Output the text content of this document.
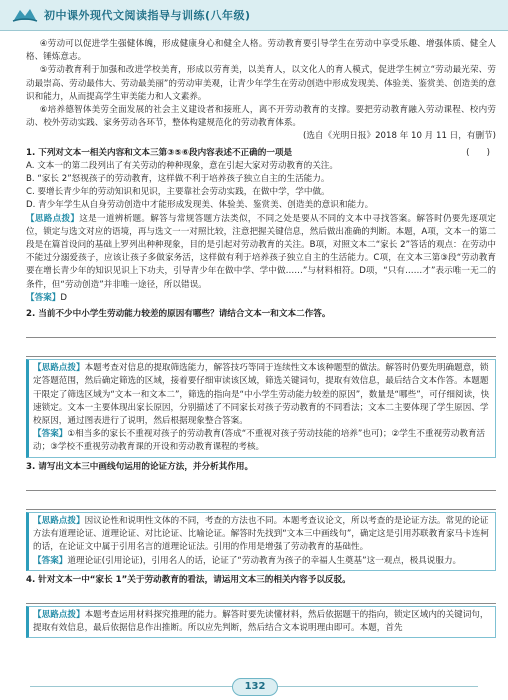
初中课外现代文阅读指导与训练(八年级)

④劳动可以促进学生强健体魄，形成健康身心和健全人格。劳动教育要引导学生在劳动中享受乐趣、增强体质、健全人格、锤炼意志。

⑤劳动教育利于加强和改进学校美育，形成以劳育美，以美育人，以文化人的育人模式，促进学生树立“劳动最光荣、劳动最崇高、劳动最伟大、劳动最美丽”的劳动审美观，让青少年学生在劳动创造中形成发现美、体验美、鉴赏美、创造美的意识和能力，从而提高学生审美能力和人文素养。

⑥培养德智体美劳全面发展的社会主义建设者和接班人，离不开劳动教育的支撑。要把劳动教育融入劳动课程、校内劳动、校外劳动实践、家务劳动各环节，整体构建规范化的劳动教育体系。

(选自《光明日报》2018 年 10 月 11 日，有删节)

1. 下列对文本一相关内容和文本三第③⑤⑥段内容表述不正确的一项是	(　　)

A. 文本一的第二段列出了有关劳动的种种现象，意在引起大家对劳动教育的关注。

B. “家长 2”怒视孩子的劳动教育，这样做不利于培养孩子独立自主的生活能力。

C. 要增长青少年的劳动知识和见识，主要靠社会劳动实践，在做中学，学中做。

D. 青少年学生从自身劳动创造中才能形成发现美、体验美、鉴赏美、创造美的意识和能力。

【思路点拨】这是一道辨析题。解答与常规答题方法类似，不同之处是要从不同的文本中寻找答案。解答时仍要先逐项定位，锁定与选文对应的语境，再与选文一一对照比较，注意把握关键信息，然后做出准确的判断。本题，A项，文本一的第二段是在篇首设问的基础上罗列出种种现象，目的是引起对劳动教育的关注。B项，对照文本二“家长 2”答话的观点：在劳动中不能过分溺爱孩子，应该让孩子多做家务活，这样做有利于培养孩子独立自主的生活能力。C项，在文本三第③段“劳动教育要在增长青少年的知识见识上下功夫，引导青少年在做中学、学中做……”与材料相符。D项，“只有……才”表示唯一无二的条件，但“劳动创造”并非唯一途径，所以错误。

【答案】D

2. 当前不少中小学生劳动能力较差的原因有哪些？请结合文本一和文本二作答。

【思路点拨】本题考查对信息的提取筛选能力，解答技巧等同于连续性文本该种题型的做法。解答时仍要先明确题意，锁定答题范围，然后确定筛选的区域，接着要仔细审读该区域，筛选关键词句，提取有效信息，最后结合文本作答。本题题干限定了筛选区域为“文本一和文本二”，筛选的指向是“中小学生劳动能力较差的原因”，数量是“哪些”，可仔细阅读，快速锁定。文本一主要体现出家长原因，分别描述了不同家长对孩子劳动教育的不同看法；文本二主要体现了学生原因、学校原因，通过图表进行了说明，然后根据现象整合答案。

【答案】①相当多的家长不重视对孩子的劳动教育(答成“不重视对孩子劳动技能的培养”也可)；②学生不重视劳动教育活动；③学校不重视劳动教育课的开设和劳动教育课程的考核。

3. 请写出文本三中画线句运用的论证方法，并分析其作用。

【思路点拨】因议论性和说明性文体的不同，考查的方法也不同。本题考查议论文，所以考查的是论证方法。常见的论证方法有道理论证、道理论证、对比论证、比喻论证。解答时先找到“文本三中画线句”，确定这是引用苏联教育家马卡连柯的话，在论证文中属于引用名言的道理论证法。引用的作用是增强了劳动教育的基础性。

【答案】道理论证(引用论证)，引用名人的话，论证了“劳动教育为孩子的幸福人生奠基”这一观点，极具说服力。

4. 针对文本一中“家长 1”关于劳动教育的看法，请运用文本三的相关内容予以反驳。

【思路点拨】本题考查运用材料探究推理的能力。解答时要先读懂材料，然后依据题干的指向，锁定区域内的关键词句，提取有效信息，最后依据信息作出推断。所以应先判断，然后结合文本说明理由即可。本题，首先

132
